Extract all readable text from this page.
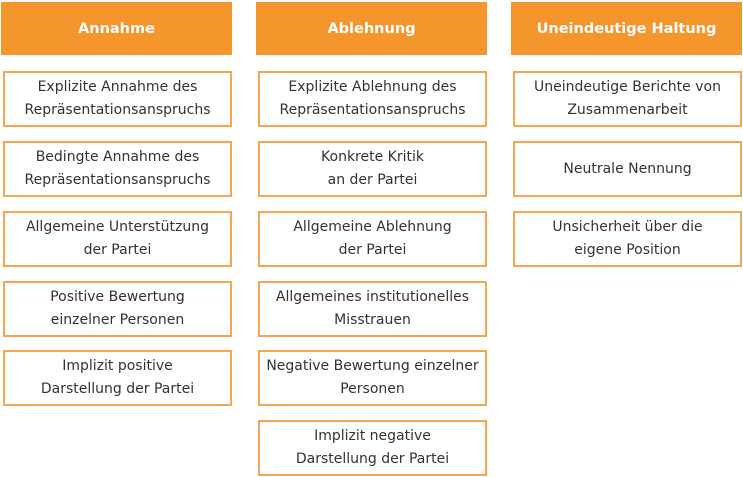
Annahme
Explizite Annahme des
Repräsentationsanspruchs
Bedingte Annahme des
Repräsentationsanspruchs
Allgemeine Unterstützung
der Partei
Positive Bewertung
einzelner Personen
Implizit positive
Darstellung der Partei
Ablehnung
Explizite Ablehnung des
Repräsentationsanspruchs
Konkrete Kritik
an der Partei
Allgemeine Ablehnung
der Partei
Allgemeines institutionelles
Misstrauen
Negative Bewertung einzelner
Personen
Implizit negative
Darstellung der Partei
Uneindeutige Haltung
Uneindeutige Berichte von
Zusammenarbeit
Neutrale Nennung
Unsicherheit über die
eigene Position
